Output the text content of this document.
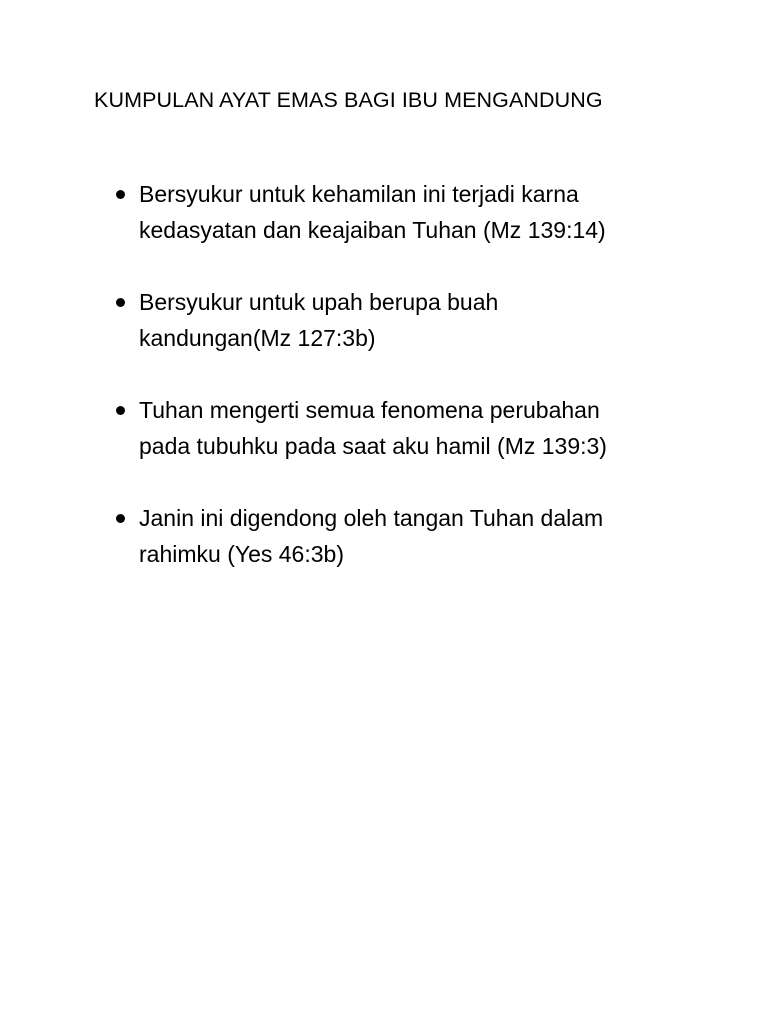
KUMPULAN AYAT EMAS BAGI IBU MENGANDUNG
Bersyukur untuk kehamilan ini terjadi karna
kedasyatan dan keajaiban Tuhan (Mz 139:14)
Bersyukur untuk upah berupa buah
kandungan(Mz 127:3b)
Tuhan mengerti semua fenomena perubahan
pada tubuhku pada saat aku hamil (Mz 139:3)
Janin ini digendong oleh tangan Tuhan dalam
rahimku (Yes 46:3b)
